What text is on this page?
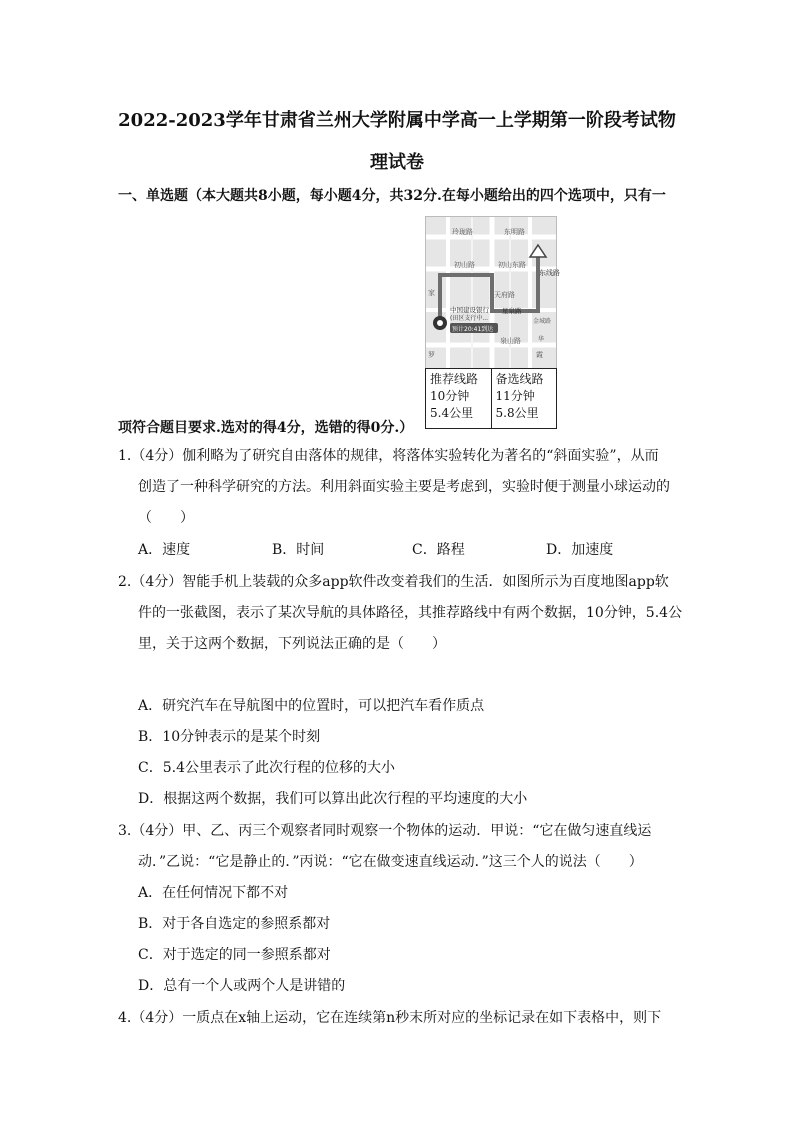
2022-2023学年甘肃省兰州大学附属中学高一上学期第一阶段考试物
理试卷
一、单选题（本大题共8小题，每小题4分，共32分.在每小题给出的四个选项中，只有一
玲珑路	东明路
初山路	初山东路
天府路
泉山路
东线路
金城路
罗	霞
家
华
中国建设银行
(田区支行中...
预计20:41到达
星泉路
推荐线路
10分钟
5.4公里
备选线路
11分钟
5.8公里
项符合题目要求.选对的得4分，选错的得0分.）
1.（4分）伽利略为了研究自由落体的规律，将落体实验转化为著名的“斜面实验”，从而
创造了一种科学研究的方法。利用斜面实验主要是考虑到，实验时便于测量小球运动的
（　　）
A．速度	B．时间	C．路程	D．加速度
2.（4分）智能手机上装载的众多app软件改变着我们的生活．如图所示为百度地图app软
件的一张截图，表示了某次导航的具体路径，其推荐路线中有两个数据，10分钟，5.4公
里，关于这两个数据，下列说法正确的是（　　）
A．研究汽车在导航图中的位置时，可以把汽车看作质点
B．10分钟表示的是某个时刻
C．5.4公里表示了此次行程的位移的大小
D．根据这两个数据，我们可以算出此次行程的平均速度的大小
3.（4分）甲、乙、丙三个观察者同时观察一个物体的运动．甲说：“它在做匀速直线运
动．”乙说：“它是静止的．”丙说：“它在做变速直线运动．”这三个人的说法（　　）
A．在任何情况下都不对
B．对于各自选定的参照系都对
C．对于选定的同一参照系都对
D．总有一个人或两个人是讲错的
4.（4分）一质点在x轴上运动，它在连续第n秒末所对应的坐标记录在如下表格中，则下
